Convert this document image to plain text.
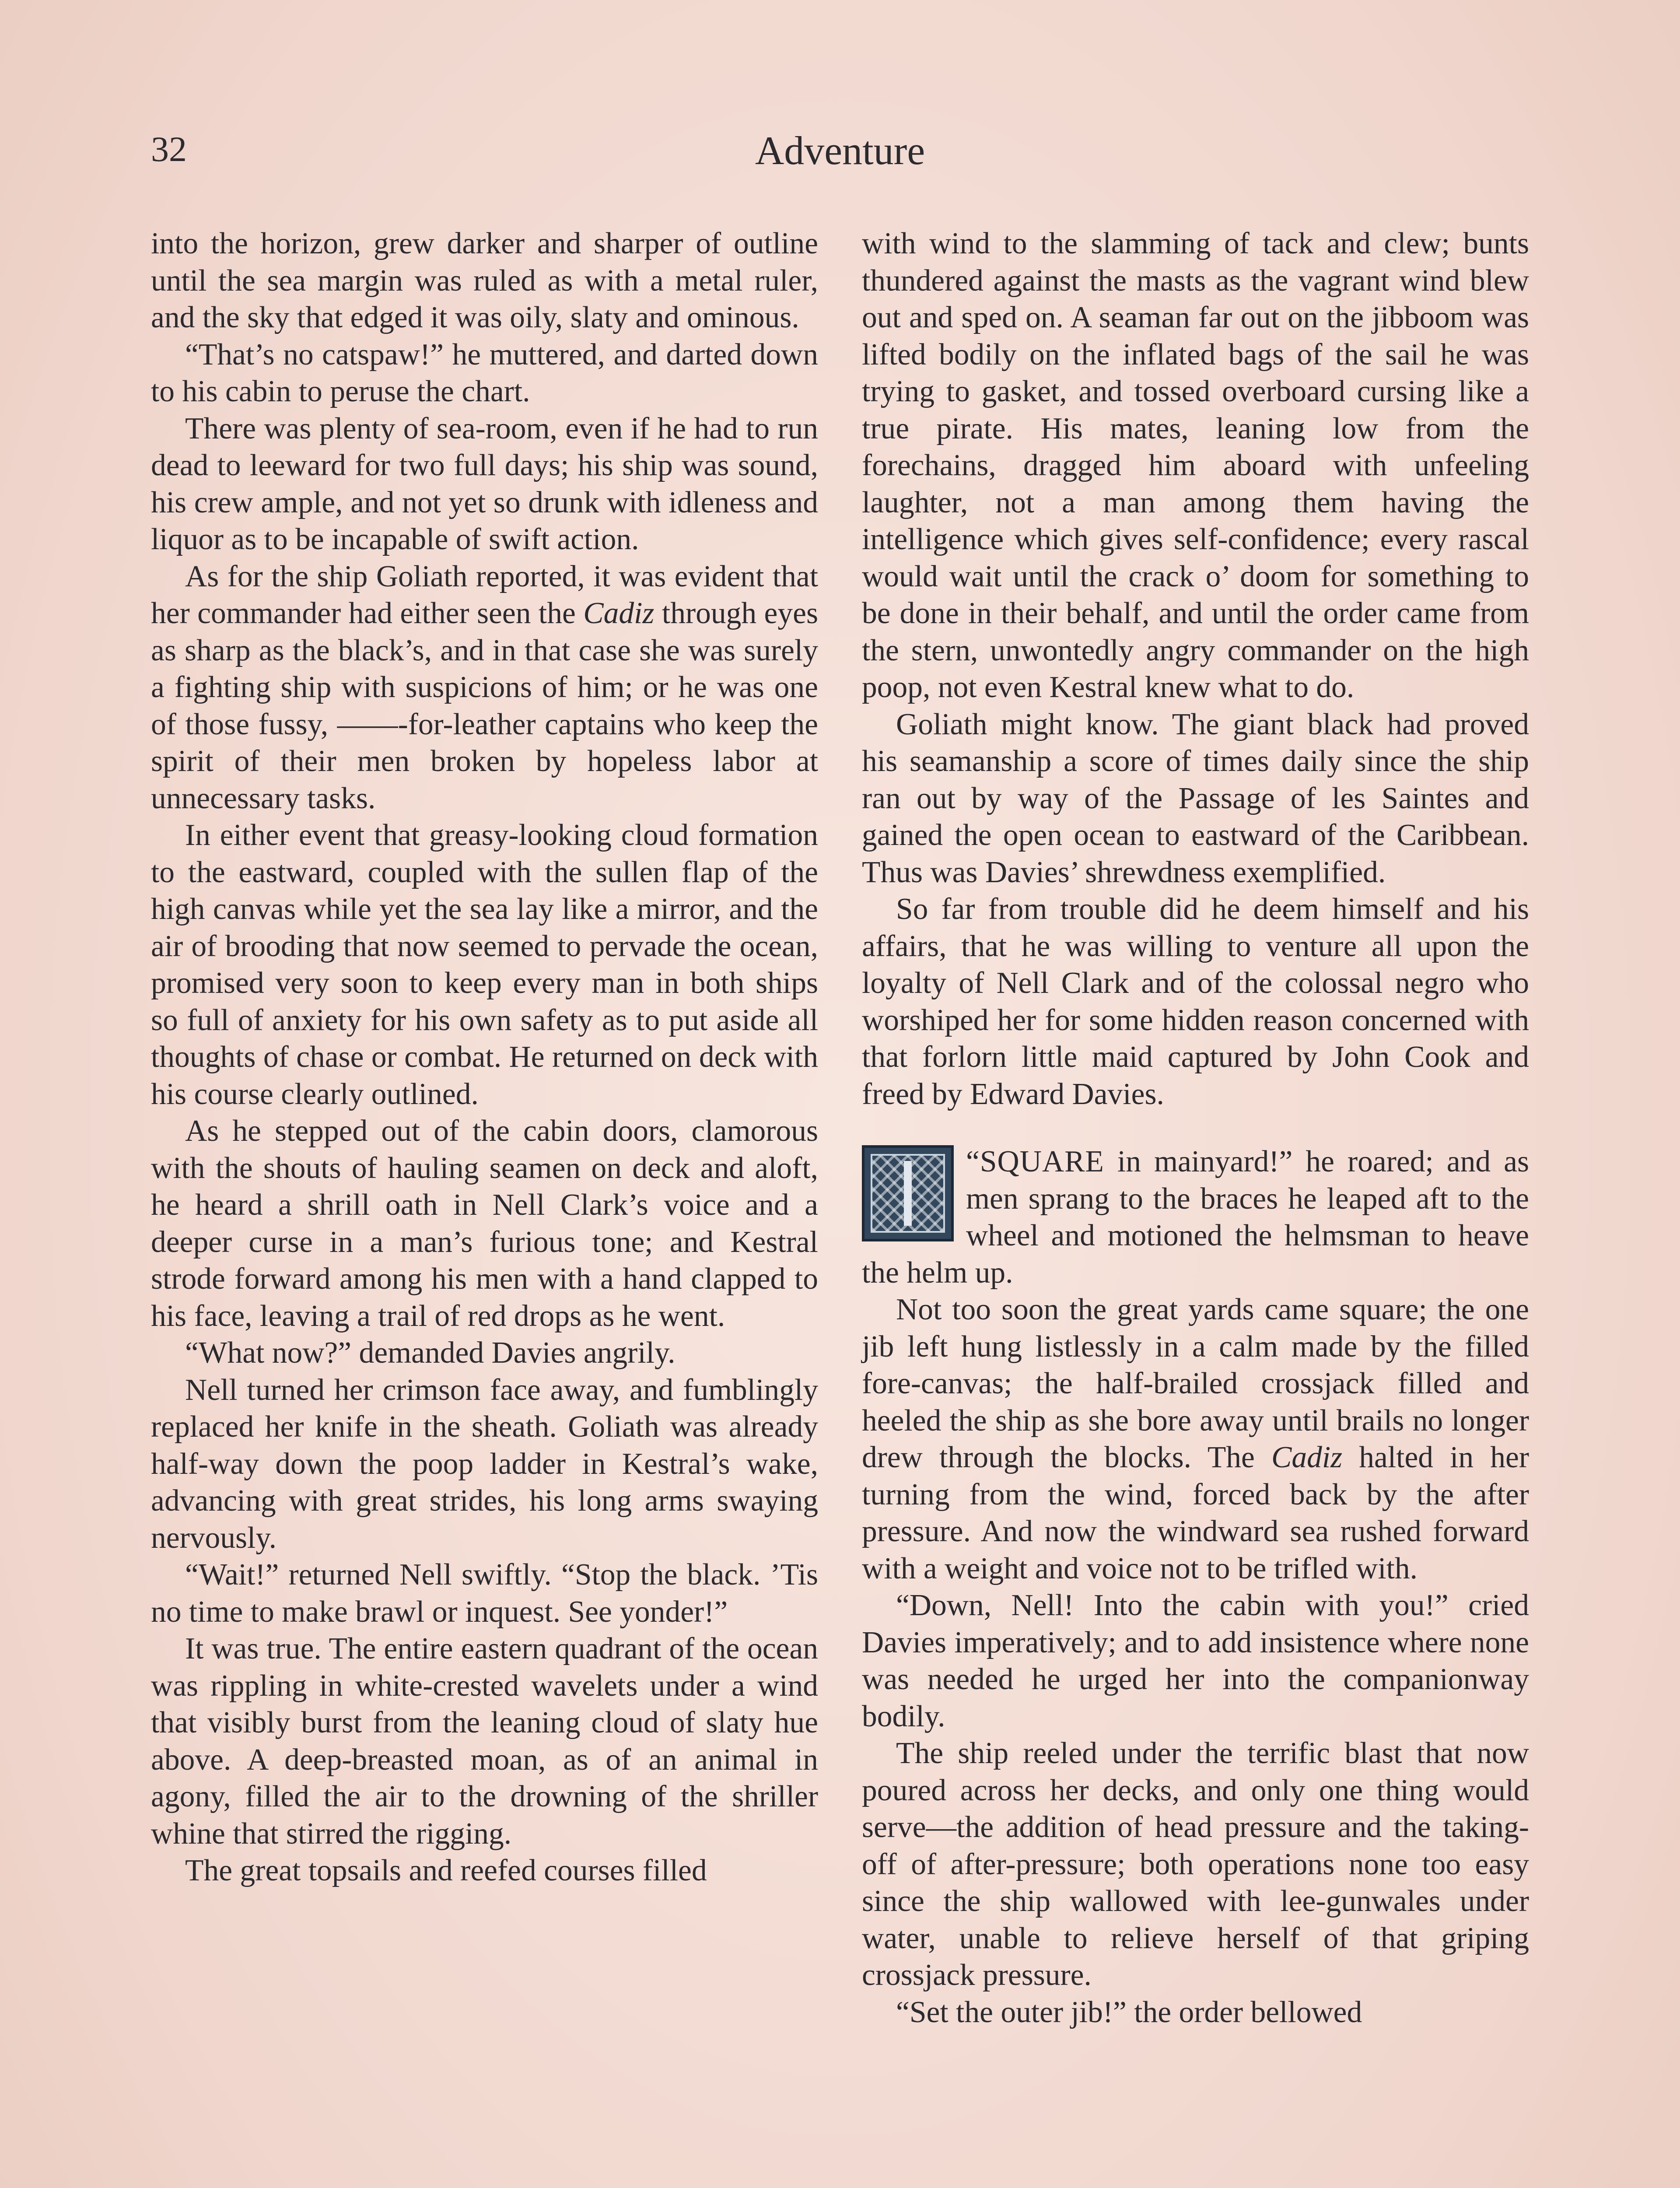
32	Adventure

into the horizon, grew darker and sharper of outline until the sea margin was ruled as with a metal ruler, and the sky that edged it was oily, slaty and ominous.

“That’s no catspaw!” he muttered, and darted down to his cabin to peruse the chart.

There was plenty of sea-room, even if he had to run dead to leeward for two full days; his ship was sound, his crew ample, and not yet so drunk with idleness and liquor as to be incapable of swift action.

As for the ship Goliath reported, it was evident that her commander had either seen the Cadiz through eyes as sharp as the black’s, and in that case she was surely a fighting ship with suspicions of him; or he was one of those fussy, ——-for-leather captains who keep the spirit of their men broken by hopeless labor at unnecessary tasks.

In either event that greasy-looking cloud formation to the eastward, coupled with the sullen flap of the high canvas while yet the sea lay like a mirror, and the air of brooding that now seemed to pervade the ocean, promised very soon to keep every man in both ships so full of anxiety for his own safety as to put aside all thoughts of chase or combat. He returned on deck with his course clearly outlined.

As he stepped out of the cabin doors, clamorous with the shouts of hauling seamen on deck and aloft, he heard a shrill oath in Nell Clark’s voice and a deeper curse in a man’s furious tone; and Kestral strode forward among his men with a hand clapped to his face, leaving a trail of red drops as he went.

“What now?” demanded Davies angrily.

Nell turned her crimson face away, and fumblingly replaced her knife in the sheath. Goliath was already half-way down the poop ladder in Kestral’s wake, advancing with great strides, his long arms swaying nervously.

“Wait!” returned Nell swiftly. “Stop the black. ’Tis no time to make brawl or inquest. See yonder!”

It was true. The entire eastern quadrant of the ocean was rippling in white-crested wavelets under a wind that visibly burst from the leaning cloud of slaty hue above. A deep-breasted moan, as of an animal in agony, filled the air to the drowning of the shriller whine that stirred the rigging.

The great topsails and reefed courses filled

with wind to the slamming of tack and clew; bunts thundered against the masts as the vagrant wind blew out and sped on. A seaman far out on the jibboom was lifted bodily on the inflated bags of the sail he was trying to gasket, and tossed overboard cursing like a true pirate. His mates, leaning low from the forechains, dragged him aboard with unfeeling laughter, not a man among them having the intelligence which gives self-confidence; every rascal would wait until the crack o’ doom for something to be done in their behalf, and until the order came from the stern, unwontedly angry commander on the high poop, not even Kestral knew what to do.

Goliath might know. The giant black had proved his seamanship a score of times daily since the ship ran out by way of the Passage of les Saintes and gained the open ocean to eastward of the Caribbean. Thus was Davies’ shrewdness exemplified.

So far from trouble did he deem himself and his affairs, that he was willing to venture all upon the loyalty of Nell Clark and of the colossal negro who worshiped her for some hidden reason concerned with that forlorn little maid captured by John Cook and freed by Edward Davies.

“SQUARE in mainyard!” he roared; and as men sprang to the braces he leaped aft to the wheel and motioned the helmsman to heave the helm up.

Not too soon the great yards came square; the one jib left hung listlessly in a calm made by the filled fore-canvas; the half-brailed crossjack filled and heeled the ship as she bore away until brails no longer drew through the blocks. The Cadiz halted in her turning from the wind, forced back by the after pressure. And now the windward sea rushed forward with a weight and voice not to be trifled with.

“Down, Nell! Into the cabin with you!” cried Davies imperatively; and to add insistence where none was needed he urged her into the companionway bodily.

The ship reeled under the terrific blast that now poured across her decks, and only one thing would serve—the addition of head pressure and the taking-off of after-pressure; both operations none too easy since the ship wallowed with lee-gunwales under water, unable to relieve herself of that griping crossjack pressure.

“Set the outer jib!” the order bellowed
